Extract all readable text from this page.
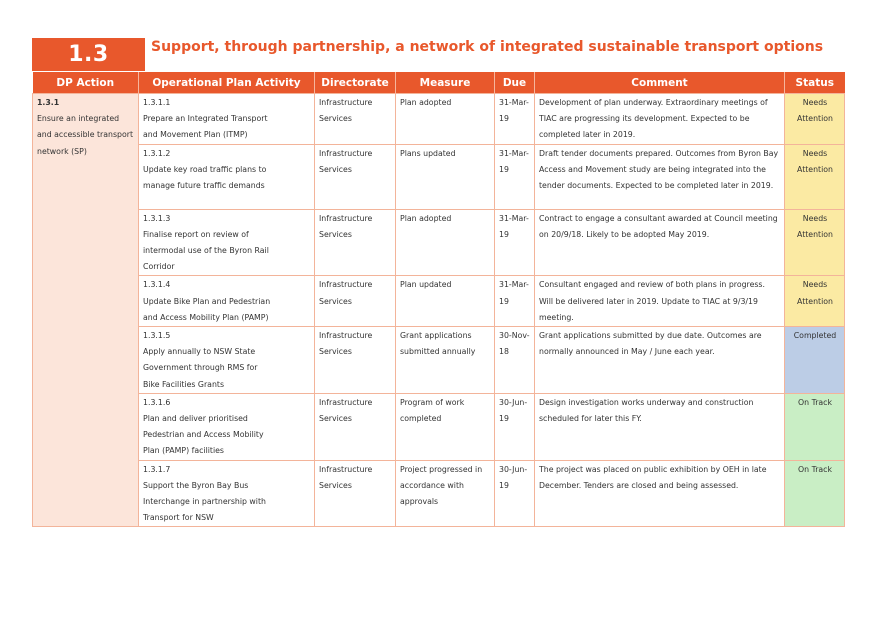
1.3	Support, through partnership, a network of integrated sustainable transport options
DP Action	Operational Plan Activity	Directorate	Measure	Due	Comment	Status

1.3.1
Ensure an integrated and accessible transport network (SP)	1.3.1.1Prepare an Integrated Transport and Movement Plan (ITMP)	Infrastructure Services	Plan adopted	31-Mar-19	Development of plan underway. Extraordinary meetings of TIAC are progressing its development. Expected to be completed later in 2019.	Needs Attention
	1.3.1.2Update key road traffic plans to manage future traffic demands	Infrastructure Services	Plans updated	31-Mar-19	Draft tender documents prepared. Outcomes from Byron Bay Access and Movement study are being integrated into the tender documents. Expected to be completed later in 2019.	Needs Attention
	1.3.1.3Finalise report on review of intermodal use of the Byron Rail Corridor	Infrastructure Services	Plan adopted	31-Mar-19	Contract to engage a consultant awarded at Council meeting on 20/9/18. Likely to be adopted May 2019.	Needs Attention
	1.3.1.4Update Bike Plan and Pedestrian and Access Mobility Plan (PAMP)	Infrastructure Services	Plan updated	31-Mar-19	Consultant engaged and review of both plans in progress. Will be delivered later in 2019. Update to TIAC at 9/3/19 meeting.	Needs Attention
	1.3.1.5Apply annually to NSW State Government through RMS for Bike Facilities Grants	Infrastructure Services	Grant applications submitted annually	30-Nov-18	Grant applications submitted by due date. Outcomes are normally announced in May / June each year.	Completed
	1.3.1.6Plan and deliver prioritised Pedestrian and Access Mobility Plan (PAMP) facilities	Infrastructure Services	Program of work completed	30-Jun-19	Design investigation works underway and construction scheduled for later this FY.	On Track
	1.3.1.7Support the Byron Bay Bus Interchange in partnership with Transport for NSW	Infrastructure Services	Project progressed in accordance with approvals	30-Jun-19	The project was placed on public exhibition by OEH in late December. Tenders are closed and being assessed.	On Track
